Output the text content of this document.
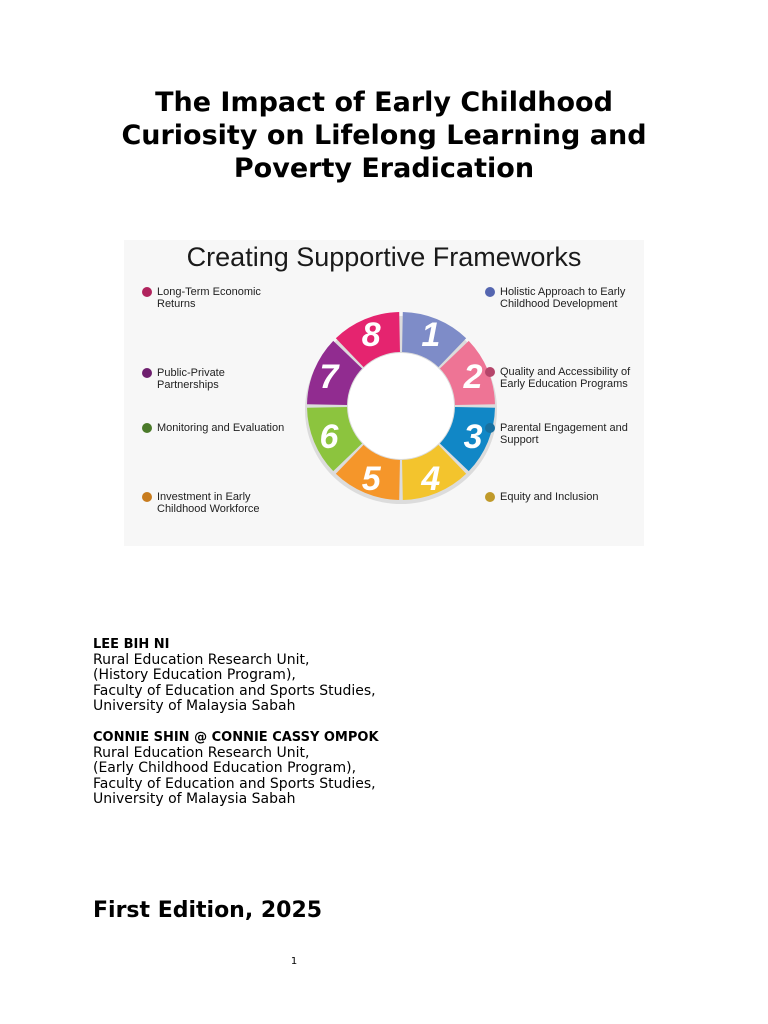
The Impact of Early Childhood
Curiosity on Lifelong Learning and
Poverty Eradication
1
2
3
4
5
6
7
8
Creating Supportive Frameworks
Long-Term Economic
Returns
Public-Private
Partnerships
Monitoring and Evaluation
Investment in Early
Childhood Workforce
Holistic Approach to Early
Childhood Development
Quality and Accessibility of
Early Education Programs
Parental Engagement and
Support
Equity and Inclusion
LEE BIH NI
Rural Education Research Unit,
(History Education Program),
Faculty of Education and Sports Studies,
University of Malaysia Sabah
CONNIE SHIN @ CONNIE CASSY OMPOK
Rural Education Research Unit,
(Early Childhood Education Program),
Faculty of Education and Sports Studies,
University of Malaysia Sabah
First Edition, 2025
1
